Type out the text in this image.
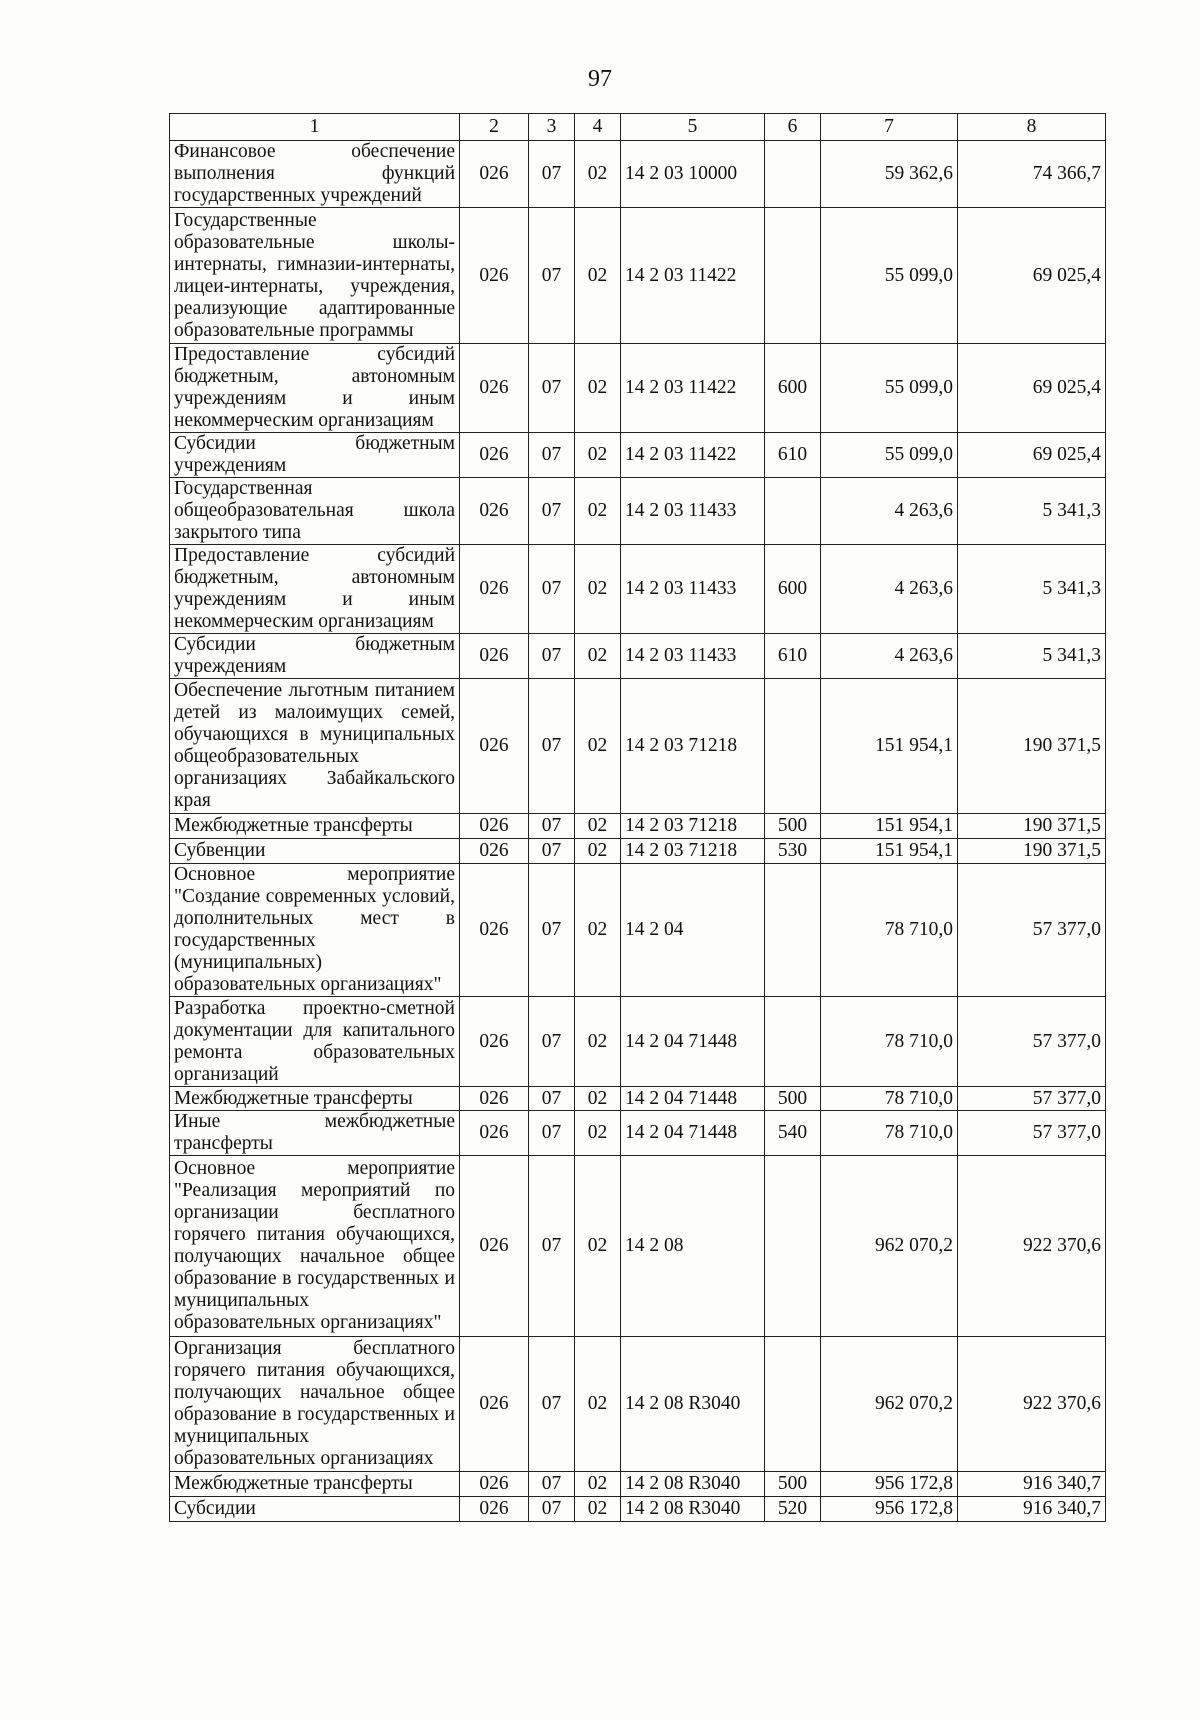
97
1	2	3	4	5	6	7	8
Финансовое обеспечение выполнения функций государственных учреждений	026	07	02	14 2 03 10000		59 362,6	74 366,7
Государственные образовательные школы-интернаты, гимназии-интернаты, лицеи-интернаты, учреждения, реализующие адаптированные образовательные программы	026	07	02	14 2 03 11422		55 099,0	69 025,4
Предоставление субсидий бюджетным, автономным учреждениям и иным некоммерческим организациям	026	07	02	14 2 03 11422	600	55 099,0	69 025,4
Субсидии бюджетным учреждениям	026	07	02	14 2 03 11422	610	55 099,0	69 025,4
Государственная общеобразовательная школа закрытого типа	026	07	02	14 2 03 11433		4 263,6	5 341,3
Предоставление субсидий бюджетным, автономным учреждениям и иным некоммерческим организациям	026	07	02	14 2 03 11433	600	4 263,6	5 341,3
Субсидии бюджетным учреждениям	026	07	02	14 2 03 11433	610	4 263,6	5 341,3
Обеспечение льготным питанием детей из малоимущих семей, обучающихся в муниципальных общеобразовательных организациях Забайкальского края	026	07	02	14 2 03 71218		151 954,1	190 371,5
Межбюджетные трансферты	026	07	02	14 2 03 71218	500	151 954,1	190 371,5
Субвенции	026	07	02	14 2 03 71218	530	151 954,1	190 371,5
Основное мероприятие "Создание современных условий, дополнительных мест в государственных (муниципальных) образовательных организациях"	026	07	02	14 2 04		78 710,0	57 377,0
Разработка проектно-сметной документации для капитального ремонта образовательных организаций	026	07	02	14 2 04 71448		78 710,0	57 377,0
Межбюджетные трансферты	026	07	02	14 2 04 71448	500	78 710,0	57 377,0
Иные межбюджетные трансферты	026	07	02	14 2 04 71448	540	78 710,0	57 377,0
Основное мероприятие "Реализация мероприятий по организации бесплатного горячего питания обучающихся, получающих начальное общее образование в государственных и муниципальных образовательных организациях"	026	07	02	14 2 08		962 070,2	922 370,6
Организация бесплатного горячего питания обучающихся, получающих начальное общее образование в государственных и муниципальных образовательных организациях	026	07	02	14 2 08 R3040		962 070,2	922 370,6
Межбюджетные трансферты	026	07	02	14 2 08 R3040	500	956 172,8	916 340,7
Субсидии	026	07	02	14 2 08 R3040	520	956 172,8	916 340,7
